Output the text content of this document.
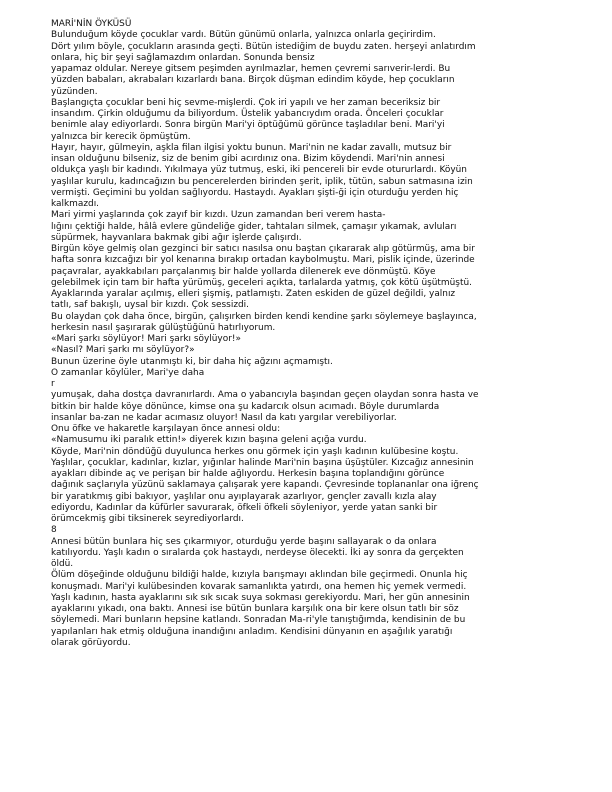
MARİ'NİN ÖYKÜSÜ

Bulunduğum köyde çocuklar vardı. Bütün günümü onlarla, yalnızca onlarla geçirirdim.

Dört yılım böyle, çocukların arasında geçti. Bütün istediğim de buydu zaten. herşeyi anlatırdım

onlara, hiç bir şeyi sağlamazdım onlardan. Sonunda bensiz

yapamaz oldular. Nereye gitsem peşimden ayrılmazlar, hemen çevremi sarıverir-lerdi. Bu

yüzden babaları, akrabaları kızarlardı bana. Birçok düşman edindim köyde, hep çocukların

yüzünden.

Başlangıçta çocuklar beni hiç sevme-mişlerdi. Çok iri yapılı ve her zaman beceriksiz bir

insandım. Çirkin olduğumu da biliyordum. Üstelik yabancıydım orada. Önceleri çocuklar

benimle alay ediyorlardı. Sonra birgün Mari'yi öptüğümü görünce taşladılar beni. Mari'yi

yalnızca bir kerecik öpmüştüm.

Hayır, hayır, gülmeyin, aşkla filan ilgisi yoktu bunun. Mari'nin ne kadar zavallı, mutsuz bir

insan olduğunu bilseniz, siz de benim gibi acırdınız ona. Bizim köydendi. Mari'nin annesi

oldukça yaşlı bir kadındı. Yıkılmaya yüz tutmuş, eski, iki pencereli bir evde otururlardı. Köyün

yaşlılar kurulu, kadıncağızın bu pencerelerden birinden şerit, iplik, tütün, sabun satmasına izin

vermişti. Geçimini bu yoldan sağlıyordu. Hastaydı. Ayakları şişti-ği için oturduğu yerden hiç

kalkmazdı.

Mari yirmi yaşlarında çok zayıf bir kızdı. Uzun zamandan beri verem hasta-

lığını çektiği halde, hâlâ evlere gündeliğe gider, tahtaları silmek, çamaşır yıkamak, avluları

süpürmek, hayvanlara bakmak gibi ağır işlerde çalışırdı.

Birgün köye gelmiş olan gezginci bir satıcı nasılsa onu baştan çıkararak alıp götürmüş, ama bir

hafta sonra kızcağızı bir yol kenarına bırakıp ortadan kaybolmuştu. Mari, pislik içinde, üzerinde

paçavralar, ayakkabıları parçalanmış bir halde yollarda dilenerek eve dönmüştü. Köye

gelebilmek için tam bir hafta yürümüş, geceleri açıkta, tarlalarda yatmış, çok kötü üşütmüştü.

Ayaklarında yaralar açılmış, elleri şişmiş, patlamıştı. Zaten eskiden de güzel değildi, yalnız

tatlı, saf bakışlı, uysal bir kızdı. Çok sessizdi.

Bu olaydan çok daha önce, birgün, çalışırken birden kendi kendine şarkı söylemeye başlayınca,

herkesin nasıl şaşırarak gülüştüğünü hatırlıyorum.

«Mari şarkı söylüyor! Mari şarkı söylüyor!»

«Nasıl? Mari şarkı mı söylüyor?»

Bunun üzerine öyle utanmıştı ki, bir daha hiç ağzını açmamıştı.

O zamanlar köylüler, Mari'ye daha

r

yumuşak, daha dostça davranırlardı. Ama o yabancıyla başından geçen olaydan sonra hasta ve

bitkin bir halde köye dönünce, kimse ona şu kadarcık olsun acımadı. Böyle durumlarda

insanlar ba-zan ne kadar acımasız oluyor! Nasıl da katı yargılar verebiliyorlar.

Onu öfke ve hakaretle karşılayan önce annesi oldu:

«Namusumu iki paralık ettin!» diyerek kızın başına geleni açığa vurdu.

Köyde, Mari'nin döndüğü duyulunca herkes onu görmek için yaşlı kadının kulübesine koştu.

Yaşlılar, çocuklar, kadınlar, kızlar, yığınlar halinde Mari'nin başına üşüştüler. Kızcağız annesinin

ayakları dibinde aç ve perişan bir halde ağlıyordu. Herkesin başına toplandığını görünce

dağınık saçlarıyla yüzünü saklamaya çalışarak yere kapandı. Çevresinde toplananlar ona iğrenç

bir yaratıkmış gibi bakıyor, yaşlılar onu ayıplayarak azarlıyor, gençler zavallı kızla alay

ediyordu, Kadınlar da küfürler savurarak, öfkeli öfkeli söyleniyor, yerde yatan sanki bir

örümcekmiş gibi tiksinerek seyrediyorlardı.

8

Annesi bütün bunlara hiç ses çıkarmıyor, oturduğu yerde başını sallayarak o da onlara

katılıyordu. Yaşlı kadın o sıralarda çok hastaydı, nerdeyse ölecekti. İki ay sonra da gerçekten

öldü.

Ölüm döşeğinde olduğunu bildiği halde, kızıyla barışmayı aklından bile geçirmedi. Onunla hiç

konuşmadı. Mari'yi kulübesinden kovarak samanlıkta yatırdı, ona hemen hiç yemek vermedi.

Yaşlı kadının, hasta ayaklarını sık sık sıcak suya sokması gerekiyordu. Mari, her gün annesinin

ayaklarını yıkadı, ona baktı. Annesi ise bütün bunlara karşılık ona bir kere olsun tatlı bir söz

söylemedi. Mari bunların hepsine katlandı. Sonradan Ma-ri'yle tanıştığımda, kendisinin de bu

yapılanları hak etmiş olduğuna inandığını anladım. Kendisini dünyanın en aşağılık yaratığı

olarak görüyordu.
